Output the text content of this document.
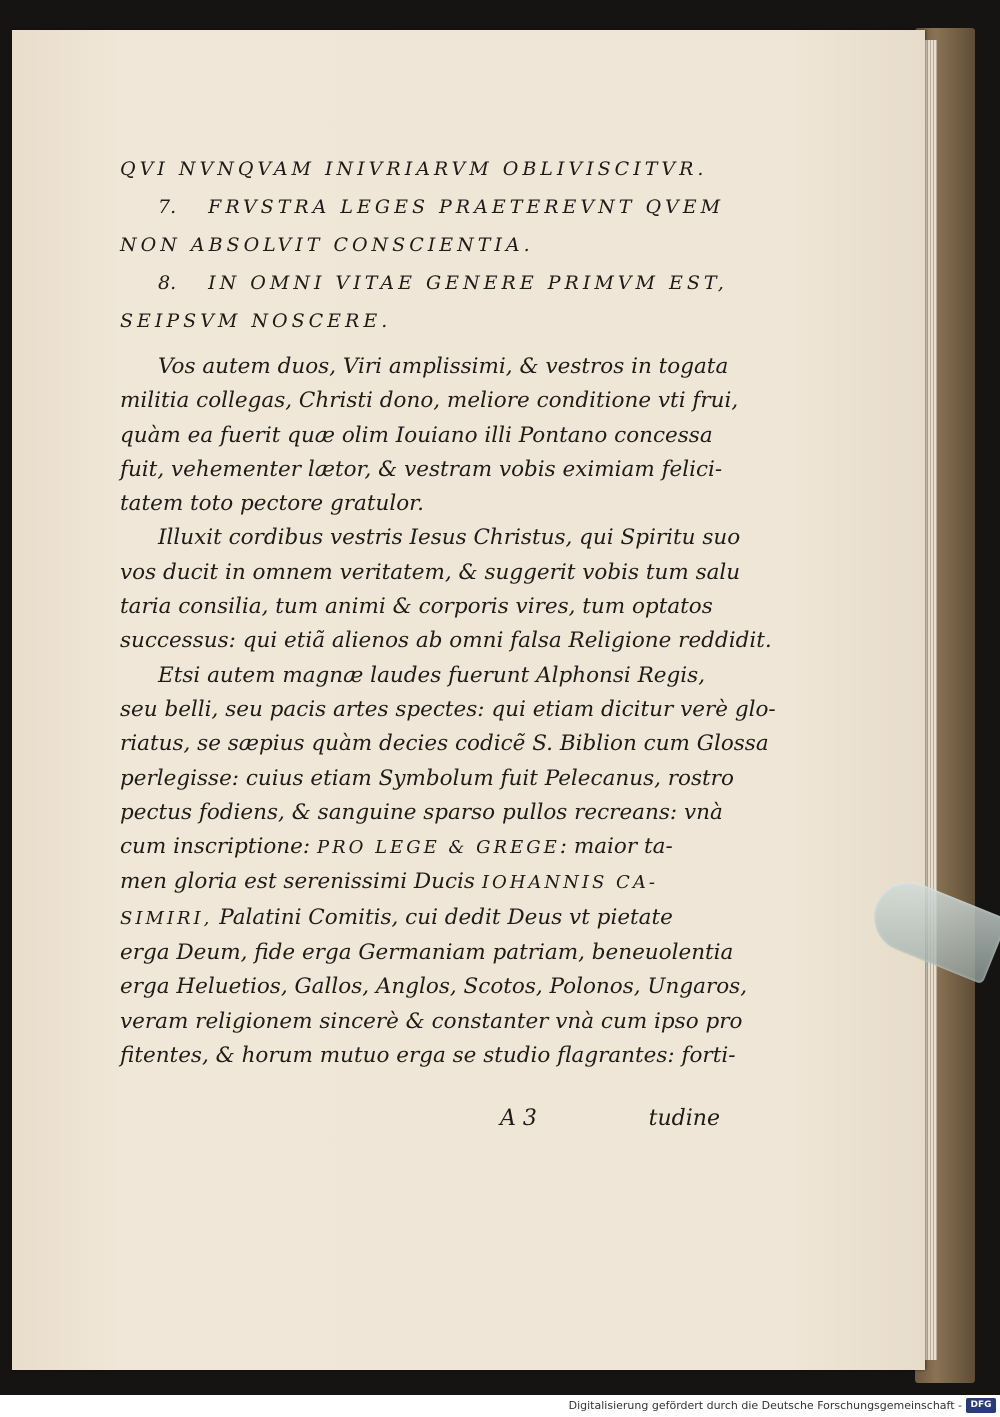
QVI NVNQVAM INIVRIARVM OBLIVISCITVR.

7. FRVSTRA LEGES PRAETEREVNT QVEM

NON ABSOLVIT CONSCIENTIA.

8. IN OMNI VITAE GENERE PRIMVM EST,

SEIPSVM NOSCERE.

Vos autem duos, Viri amplissimi, & vestros in togata

militia collegas, Christi dono, meliore conditione vti frui,

quàm ea fuerit quæ olim Iouiano illi Pontano concessa

fuit, vehementer lætor, & vestram vobis eximiam felici-

tatem toto pectore gratulor.

Illuxit cordibus vestris Iesus Christus, qui Spiritu suo

vos ducit in omnem veritatem, & suggerit vobis tum salu

taria consilia, tum animi & corporis vires, tum optatos

successus: qui etiã alienos ab omni falsa Religione reddidit.

Etsi autem magnæ laudes fuerunt Alphonsi Regis,

seu belli, seu pacis artes spectes: qui etiam dicitur verè glo-

riatus, se sæpius quàm decies codicẽ S. Biblion cum Glossa

perlegisse: cuius etiam Symbolum fuit Pelecanus, rostro

pectus fodiens, & sanguine sparso pullos recreans: vnà

cum inscriptione: PRO LEGE & GREGE: maior ta-

men gloria est serenissimi Ducis IOHANNIS CA-

SIMIRI, Palatini Comitis, cui dedit Deus vt pietate

erga Deum, fide erga Germaniam patriam, beneuolentia

erga Heluetios, Gallos, Anglos, Scotos, Polonos, Ungaros,

veram religionem sincerè & constanter vnà cum ipso pro

fitentes, & horum mutuo erga se studio flagrantes: forti-

A 3	tudine
Digitalisierung gefördert durch die Deutsche Forschungsgemeinschaft - DFG
